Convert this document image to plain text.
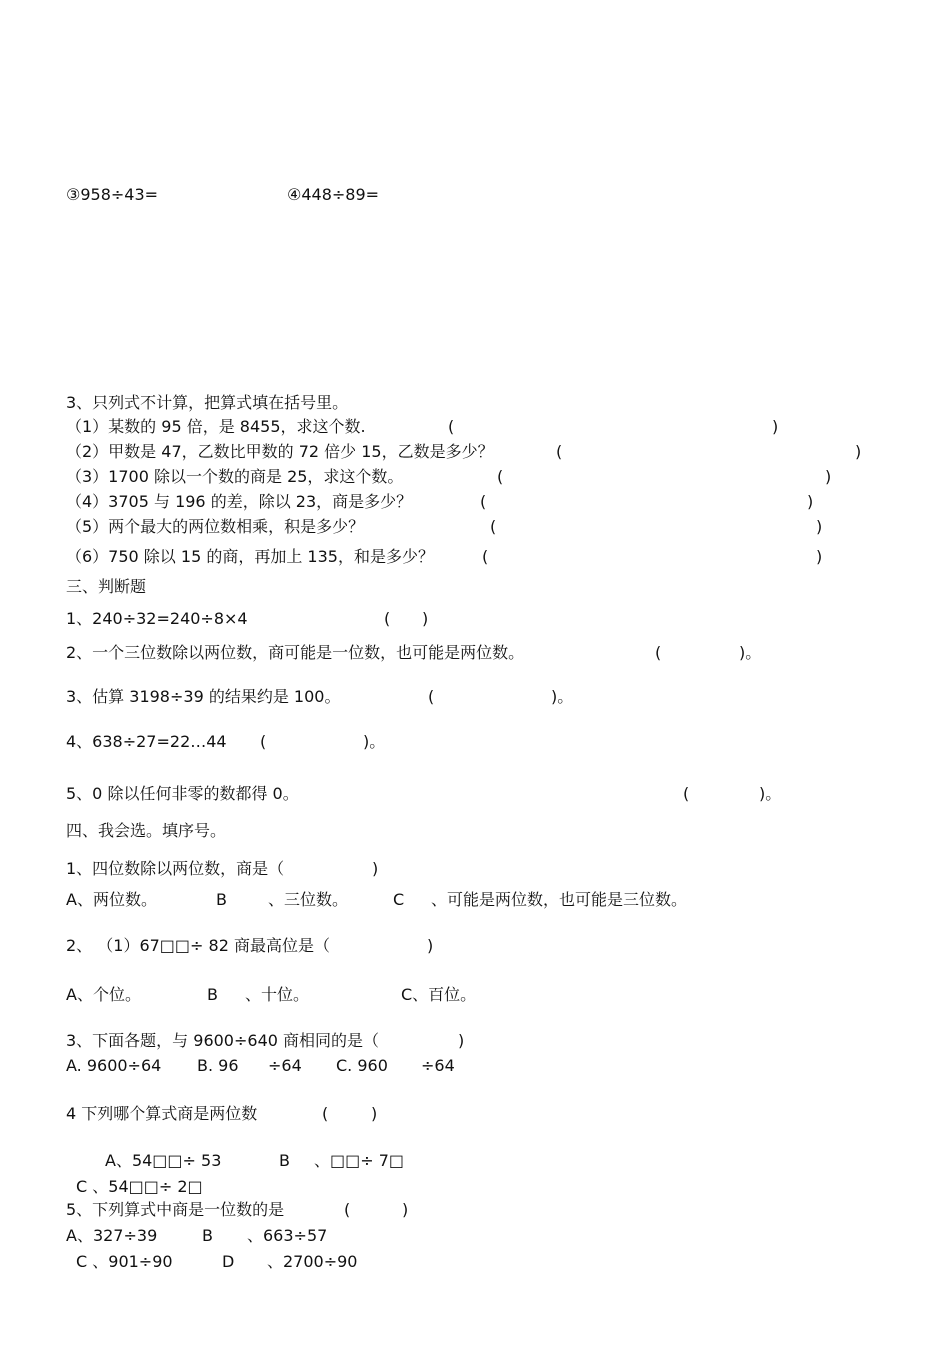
③958÷43=	④448÷89=
3、只列式不计算，把算式填在括号里。
（1）某数的 95 倍，是 8455，求这个数.	(	)
（2）甲数是 47，乙数比甲数的 72 倍少 15，乙数是多少？	(	)
（3）1700 除以一个数的商是 25，求这个数。	(	)
（4）3705 与 196 的差，除以 23，商是多少？	(	)
（5）两个最大的两位数相乘，积是多少？	(	)
（6）750 除以 15 的商，再加上 135，和是多少？	(	)
三、判断题
1、240÷32=240÷8×4	( )
2、一个三位数除以两位数，商可能是一位数，也可能是两位数。	(	)。
3、估算 3198÷39 的结果约是 100。	(	)。
4、638÷27=22…44 (	)。
5、0 除以任何非零的数都得 0。	(	)。
四、我会选。填序号。
1、四位数除以两位数，商是（	)
A、两位数。	B	、三位数。	C 、可能是两位数，也可能是三位数。
2、 （1）67□□÷ 82 商最高位是（	)
A、个位。	B 、十位。	C、百位。
3、下面各题，与 9600÷640 商相同的是（	)
A. 9600÷64 B. 96 ÷64 C. 960 ÷64
4 下列哪个算式商是两位数	(	)
A、54□□÷ 53	B 、□□÷ 7□
C 、54□□÷ 2□
5、下列算式中商是一位数的是	(	)
A、327÷39	B 、663÷57
C 、901÷90	D 、2700÷90
